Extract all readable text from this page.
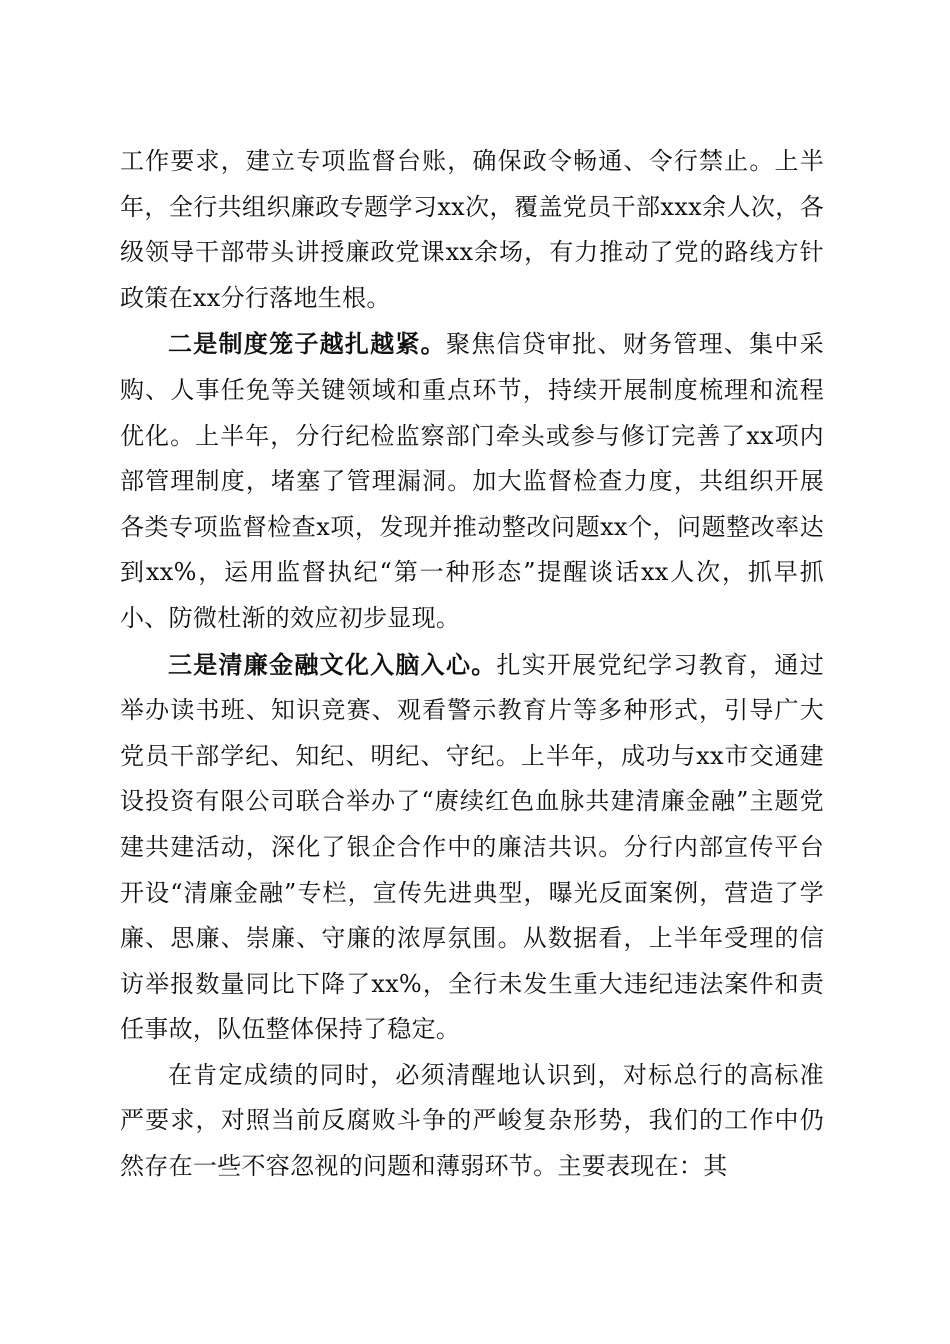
工作要求，建立专项监督台账，确保政令畅通、令行禁止。上半年，全行共组织廉政专题学习xx次，覆盖党员干部xxx余人次，各级领导干部带头讲授廉政党课xx余场，有力推动了党的路线方针政策在xx分行落地生根。

二是制度笼子越扎越紧。聚焦信贷审批、财务管理、集中采购、人事任免等关键领域和重点环节，持续开展制度梳理和流程优化。上半年，分行纪检监察部门牵头或参与修订完善了xx项内部管理制度，堵塞了管理漏洞。加大监督检查力度，共组织开展各类专项监督检查x项，发现并推动整改问题xx个，问题整改率达到xx%，运用监督执纪“第一种形态”提醒谈话xx人次，抓早抓小、防微杜渐的效应初步显现。

三是清廉金融文化入脑入心。扎实开展党纪学习教育，通过举办读书班、知识竞赛、观看警示教育片等多种形式，引导广大党员干部学纪、知纪、明纪、守纪。上半年，成功与xx市交通建设投资有限公司联合举办了“赓续红色血脉共建清廉金融”主题党建共建活动，深化了银企合作中的廉洁共识。分行内部宣传平台开设“清廉金融”专栏，宣传先进典型，曝光反面案例，营造了学廉、思廉、崇廉、守廉的浓厚氛围。从数据看，上半年受理的信访举报数量同比下降了xx%，全行未发生重大违纪违法案件和责任事故，队伍整体保持了稳定。

在肯定成绩的同时，必须清醒地认识到，对标总行的高标准严要求，对照当前反腐败斗争的严峻复杂形势，我们的工作中仍然存在一些不容忽视的问题和薄弱环节。主要表现在：其
